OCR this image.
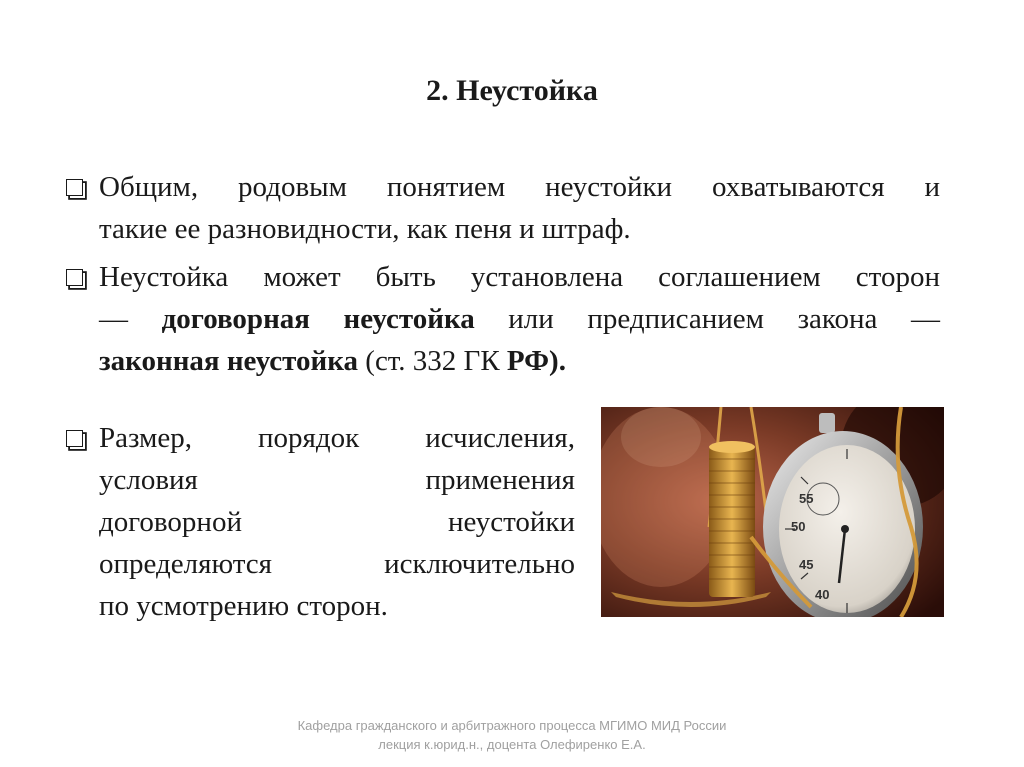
2. Неустойка
Общим, родовым понятием неустойки охватываются и
такие ее разновидности, как пеня и штраф.
Неустойка может быть установлена соглашением сторон
— договорная неустойка или предписанием закона —
законная неустойка (ст. 332 ГК РФ).
Размер, порядок исчисления,
условия	применения
договорной	неустойки
определяются	исключительно
по усмотрению сторон.
55
50
45
40
Кафедра гражданского и арбитражного процесса МГИМО МИД России
лекция к.юрид.н., доцента Олефиренко Е.А.
